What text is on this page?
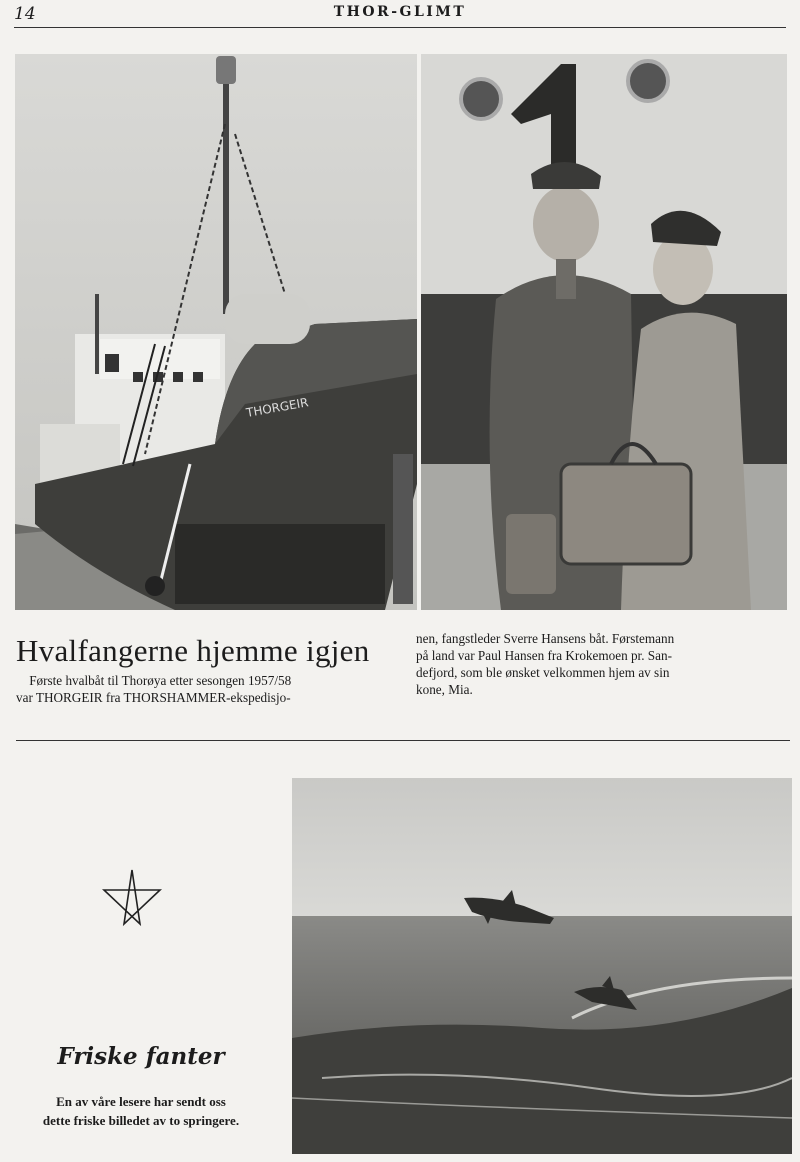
14	THOR-GLIMT
THORGEIR
Hvalfangerne hjemme igjen
Første hvalbåt til Thorøya etter sesongen 1957/58
var THORGEIR fra THORSHAMMER-ekspedisjo-
nen, fangstleder Sverre Hansens båt. Førstemann
på land var Paul Hansen fra Krokemoen pr. San-
defjord, som ble ønsket velkommen hjem av sin
kone, Mia.
Friske fanter
En av våre lesere har sendt oss
dette friske billedet av to springere.
